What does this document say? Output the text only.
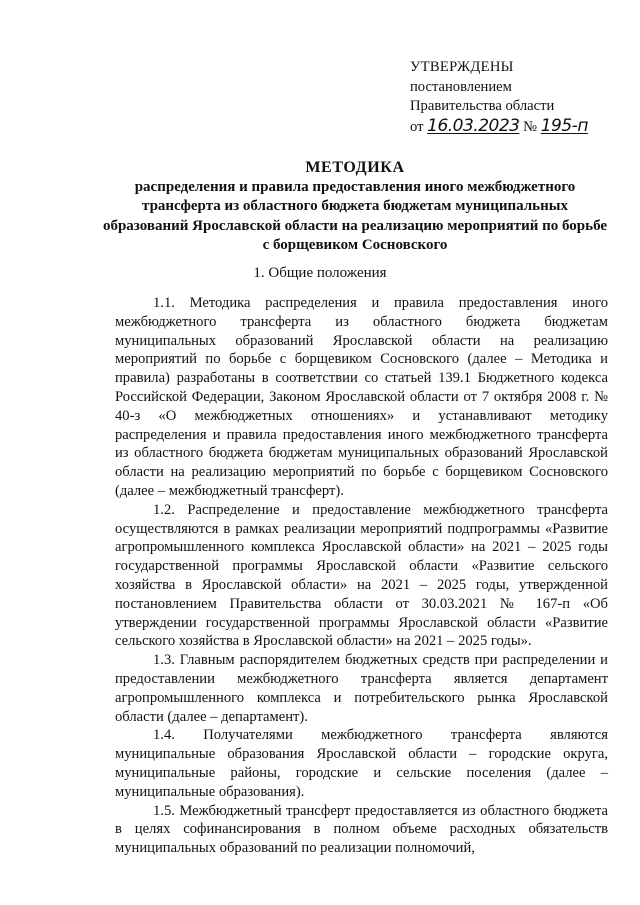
УТВЕРЖДЕНЫ
постановлением
Правительства области
от 16.03.2023 № 195-п
МЕТОДИКА
распределения и правила предоставления иного межбюджетного трансферта из областного бюджета бюджетам муниципальных образований Ярославской области на реализацию мероприятий по борьбе с борщевиком Сосновского
1. Общие положения

1.1. Методика распределения и правила предоставления иного межбюджетного трансферта из областного бюджета бюджетам муниципальных образований Ярославской области на реализацию мероприятий по борьбе с борщевиком Сосновского (далее – Методика и правила) разработаны в соответствии со статьей 139.1 Бюджетного кодекса Российской Федерации, Законом Ярославской области от 7 октября 2008 г. № 40-з «О межбюджетных отношениях» и устанавливают методику распределения и правила предоставления иного межбюджетного трансферта из областного бюджета бюджетам муниципальных образований Ярославской области на реализацию мероприятий по борьбе с борщевиком Сосновского (далее – межбюджетный трансферт).

1.2. Распределение и предоставление межбюджетного трансферта осуществляются в рамках реализации мероприятий подпрограммы «Развитие агропромышленного комплекса Ярославской области» на 2021 – 2025 годы государственной программы Ярославской области «Развитие сельского хозяйства в Ярославской области» на 2021 – 2025 годы, утвержденной постановлением Правительства области от 30.03.2021 № 167-п «Об утверждении государственной программы Ярославской области «Развитие сельского хозяйства в Ярославской области» на 2021 – 2025 годы».

1.3. Главным распорядителем бюджетных средств при распределении и предоставлении межбюджетного трансферта является департамент агропромышленного комплекса и потребительского рынка Ярославской области (далее – департамент).

1.4. Получателями межбюджетного трансферта являются муниципальные образования Ярославской области – городские округа, муниципальные районы, городские и сельские поселения (далее – муниципальные образования).

1.5. Межбюджетный трансферт предоставляется из областного бюджета в целях софинансирования в полном объеме расходных обязательств муниципальных образований по реализации полномочий,
